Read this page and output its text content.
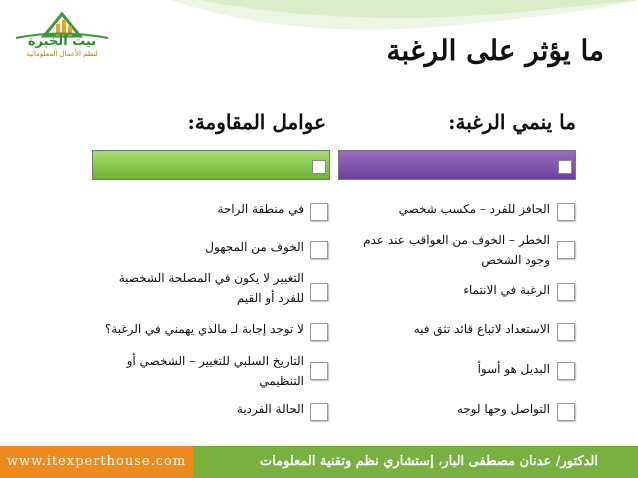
بيت الخبرة
لنظم الأعمال المعلوماتية	ما يؤثر على الرغبة
ما ينمي الرغبة:
عوامل المقاومة:
الحافز للفرد – مكسب شخصي
الخطر – الخوف من العواقب عند عدم وجود الشخص
الرغبة في الانتماء
الاستعداد لاتباع قائد تثق فيه
البديل هو أسوأ
التواصل وجها لوجه
في منطقة الراحة
الخوف من المجهول
التغيير لا يكون في المصلحة الشخصية للفرد أو القيم
لا توجد إجابة لـ مالذي يهمني في الرغبة؟
التاريخ السلبي للتغيير – الشخصي أو التنظيمي
الحالة الفردية
www.itexperthouse.com	الدكتور/ عدنان مصطفى البار، إستشاري نظم وتقنية المعلومات
